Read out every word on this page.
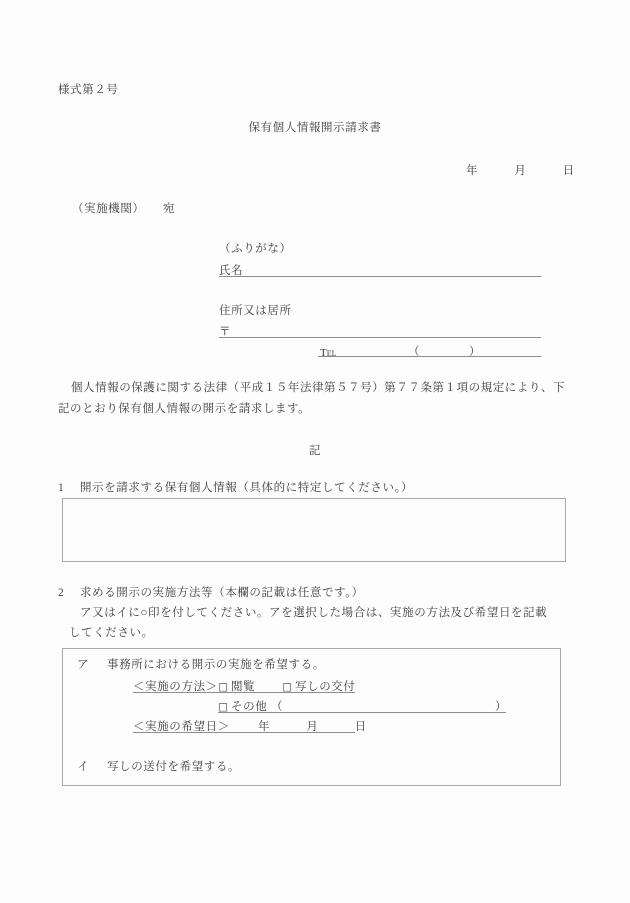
様式第２号
保有個人情報開示請求書
年　　　月　　　日
（実施機関）　　宛
（ふりがな）
氏名
住所又は居所
〒
Tel	（	）
個人情報の保護に関する法律（平成１５年法律第５７号）第７７条第１項の規定により、下記のとおり保有個人情報の開示を請求します。
記
1 開示を請求する保有個人情報（具体的に特定してください。）
2 求める開示の実施方法等（本欄の記載は任意です。）
ア又はイに○印を付してください。アを選択した場合は、実施の方法及び希望日を記載
してください。
ア 事務所における開示の実施を希望する。
＜実施の方法＞ □ 閲覧	□ 写しの交付
□ その他 （	）
＜実施の希望日＞ 年　　　月　　　日
イ 写しの送付を希望する。
